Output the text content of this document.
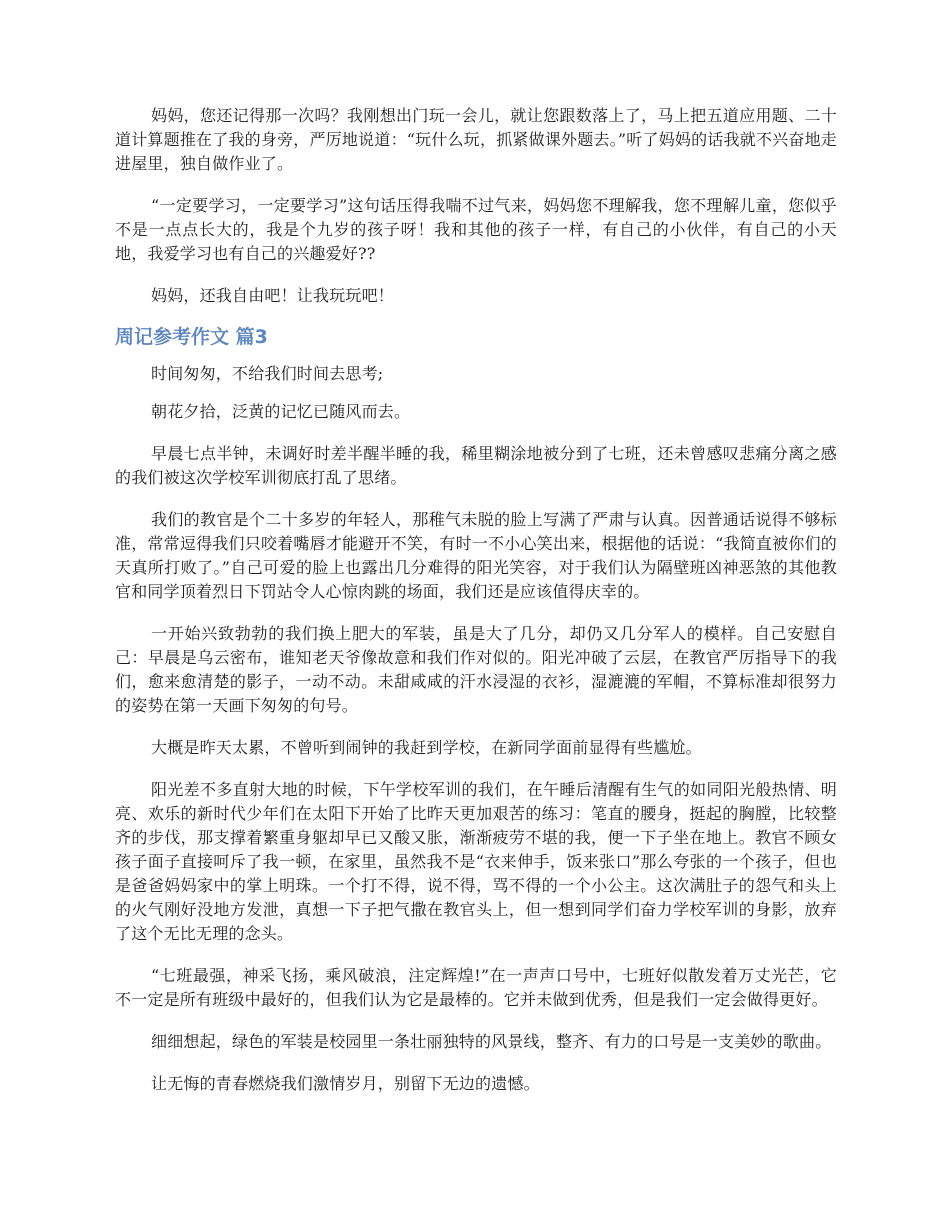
妈妈，您还记得那一次吗？我刚想出门玩一会儿，就让您跟数落上了，马上把五道应用题、二十道计算题推在了我的身旁，严厉地说道：“玩什么玩，抓紧做课外题去。”听了妈妈的话我就不兴奋地走进屋里，独自做作业了。

“一定要学习，一定要学习”这句话压得我喘不过气来，妈妈您不理解我，您不理解儿童，您似乎不是一点点长大的，我是个九岁的孩子呀！我和其他的孩子一样，有自己的小伙伴，有自己的小天地，我爱学习也有自己的兴趣爱好??

妈妈，还我自由吧！让我玩玩吧！

周记参考作文 篇3

时间匆匆，不给我们时间去思考;

朝花夕拾，泛黄的记忆已随风而去。

早晨七点半钟，未调好时差半醒半睡的我，稀里糊涂地被分到了七班，还未曾感叹悲痛分离之感的我们被这次学校军训彻底打乱了思绪。

我们的教官是个二十多岁的年轻人，那稚气未脱的脸上写满了严肃与认真。因普通话说得不够标准，常常逗得我们只咬着嘴唇才能避开不笑，有时一不小心笑出来，根据他的话说：“我简直被你们的天真所打败了。”自己可爱的脸上也露出几分难得的阳光笑容，对于我们认为隔壁班凶神恶煞的其他教官和同学顶着烈日下罚站令人心惊肉跳的场面，我们还是应该值得庆幸的。

一开始兴致勃勃的我们换上肥大的军装，虽是大了几分，却仍又几分军人的模样。自己安慰自己：早晨是乌云密布，谁知老天爷像故意和我们作对似的。阳光冲破了云层，在教官严厉指导下的我们，愈来愈清楚的影子，一动不动。未甜咸咸的汗水浸湿的衣衫，湿漉漉的军帽，不算标准却很努力的姿势在第一天画下匆匆的句号。

大概是昨天太累，不曾听到闹钟的我赶到学校，在新同学面前显得有些尴尬。

阳光差不多直射大地的时候，下午学校军训的我们，在午睡后清醒有生气的如同阳光般热情、明亮、欢乐的新时代少年们在太阳下开始了比昨天更加艰苦的练习：笔直的腰身，挺起的胸膛，比较整齐的步伐，那支撑着繁重身躯却早已又酸又胀，渐渐疲劳不堪的我，便一下子坐在地上。教官不顾女孩子面子直接呵斥了我一顿，在家里，虽然我不是“衣来伸手，饭来张口”那么夸张的一个孩子，但也是爸爸妈妈家中的掌上明珠。一个打不得，说不得，骂不得的一个小公主。这次满肚子的怨气和头上的火气刚好没地方发泄，真想一下子把气撒在教官头上，但一想到同学们奋力学校军训的身影，放弃了这个无比无理的念头。

“七班最强，神采飞扬，乘风破浪，注定辉煌!”在一声声口号中，七班好似散发着万丈光芒，它不一定是所有班级中最好的，但我们认为它是最棒的。它并未做到优秀，但是我们一定会做得更好。

细细想起，绿色的军装是校园里一条壮丽独特的风景线，整齐、有力的口号是一支美妙的歌曲。

让无悔的青春燃烧我们激情岁月，别留下无边的遗憾。
